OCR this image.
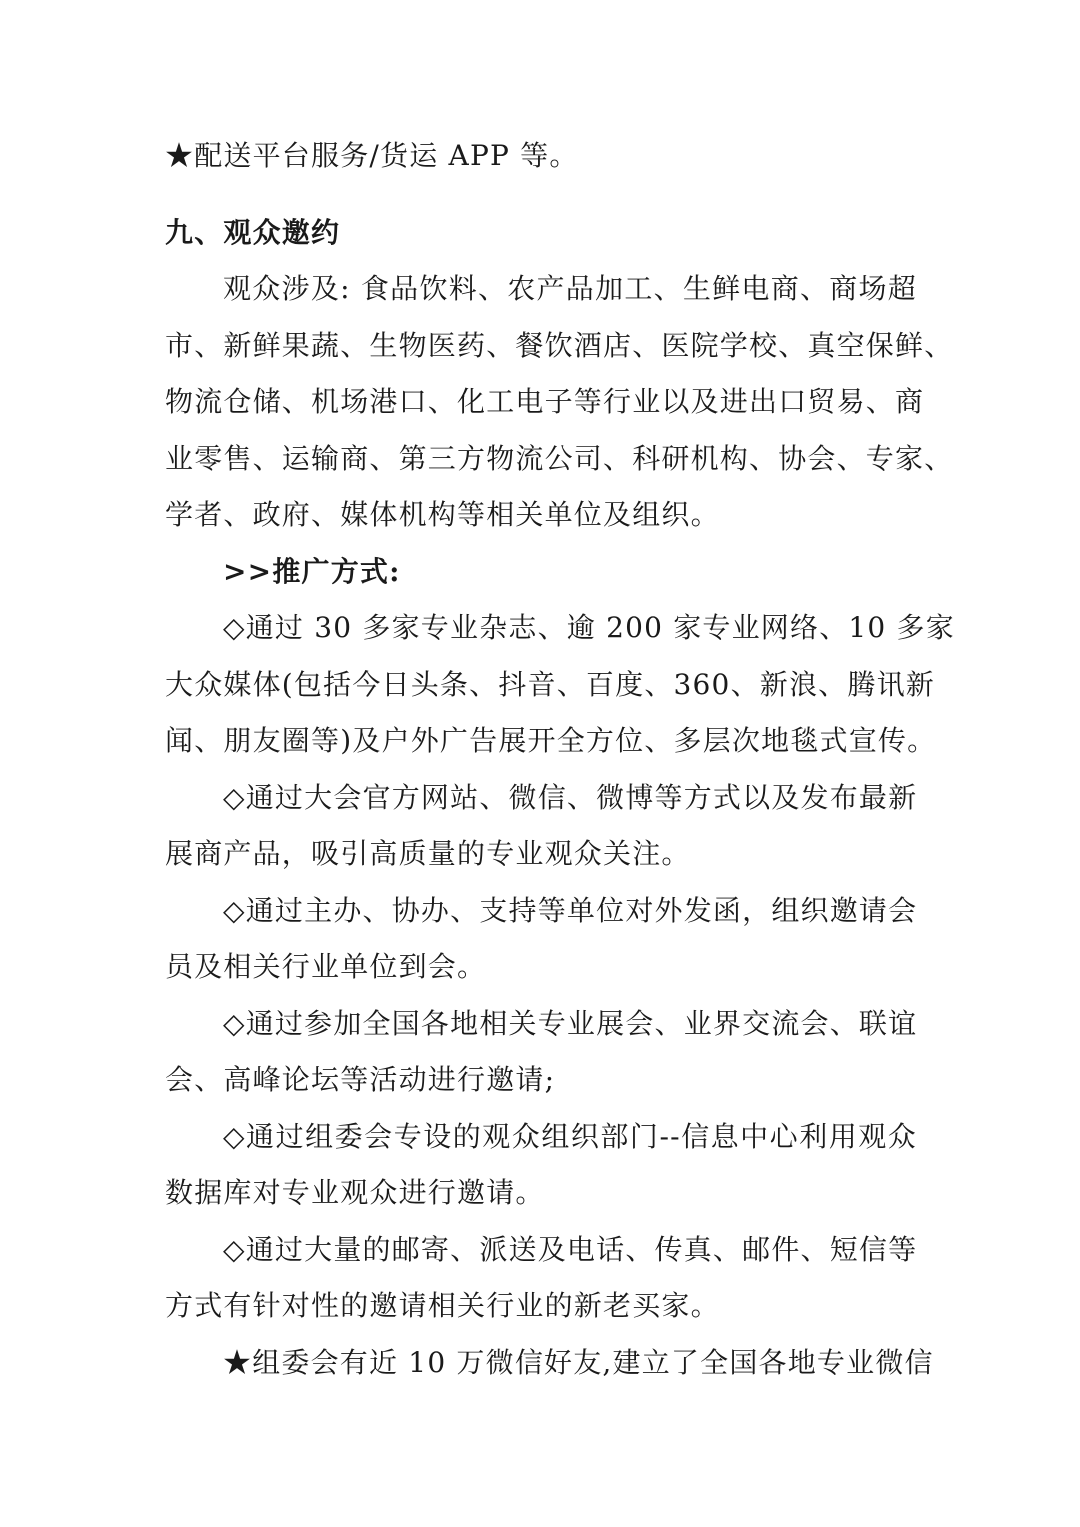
★配送平台服务/货运 APP 等。
九、观众邀约
观众涉及: 食品饮料、农产品加工、生鲜电商、商场超
市、新鲜果蔬、生物医药、餐饮酒店、医院学校、真空保鲜、
物流仓储、机场港口、化工电子等行业以及进出口贸易、商
业零售、运输商、第三方物流公司、科研机构、协会、专家、
学者、政府、媒体机构等相关单位及组织。
>>推广方式:
◇通过 30 多家专业杂志、逾 200 家专业网络、10 多家
大众媒体(包括今日头条、抖音、百度、360、新浪、腾讯新
闻、朋友圈等)及户外广告展开全方位、多层次地毯式宣传。
◇通过大会官方网站、微信、微博等方式以及发布最新
展商产品，吸引高质量的专业观众关注。
◇通过主办、协办、支持等单位对外发函，组织邀请会
员及相关行业单位到会。
◇通过参加全国各地相关专业展会、业界交流会、联谊
会、高峰论坛等活动进行邀请;
◇通过组委会专设的观众组织部门--信息中心利用观众
数据库对专业观众进行邀请。
◇通过大量的邮寄、派送及电话、传真、邮件、短信等
方式有针对性的邀请相关行业的新老买家。
★组委会有近 10 万微信好友,建立了全国各地专业微信
